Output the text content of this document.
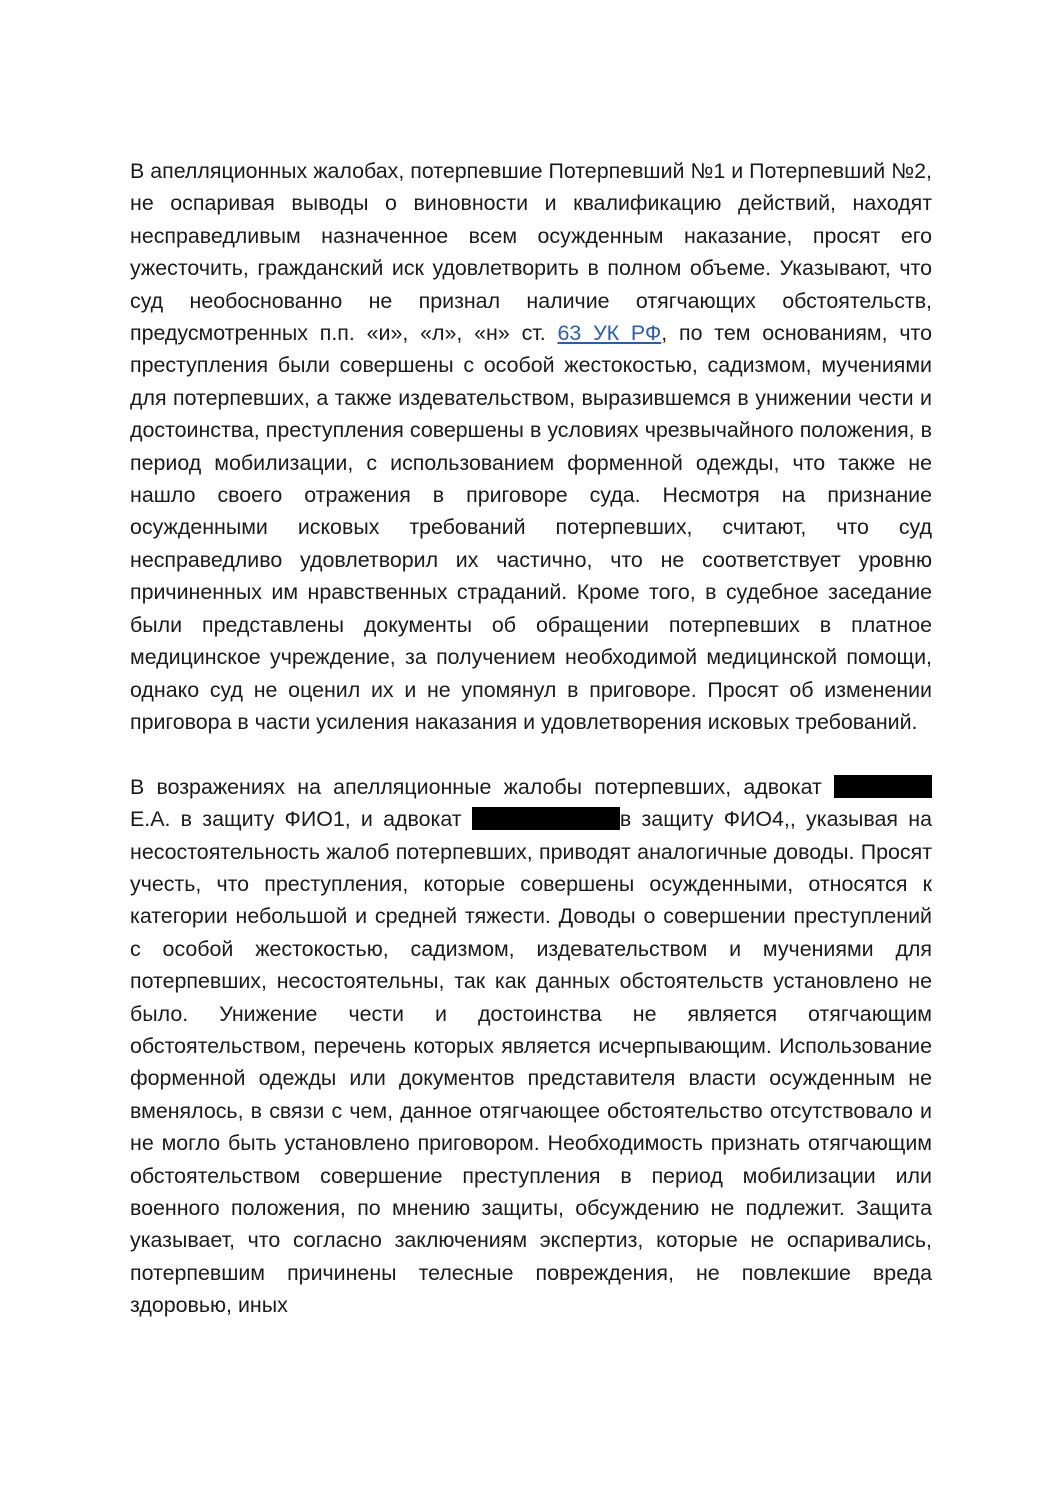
В апелляционных жалобах, потерпевшие Потерпевший №1 и Потерпевший №2, не оспаривая выводы о виновности и квалификацию действий, находят несправедливым назначенное всем осужденным наказание, просят его ужесточить, гражданский иск удовлетворить в полном объеме. Указывают, что суд необоснованно не признал наличие отягчающих обстоятельств, предусмотренных п.п. «и», «л», «н» ст. 63 УК РФ, по тем основаниям, что преступления были совершены с особой жестокостью, садизмом, мучениями для потерпевших, а также издевательством, выразившемся в унижении чести и достоинства, преступления совершены в условиях чрезвычайного положения, в период мобилизации, с использованием форменной одежды, что также не нашло своего отражения в приговоре суда. Несмотря на признание осужденными исковых требований потерпевших, считают, что суд несправедливо удовлетворил их частично, что не соответствует уровню причиненных им нравственных страданий. Кроме того, в судебное заседание были представлены документы об обращении потерпевших в платное медицинское учреждение, за получением необходимой медицинской помощи, однако суд не оценил их и не упомянул в приговоре. Просят об изменении приговора в части усиления наказания и удовлетворения исковых требований.

В возражениях на апелляционные жалобы потерпевших, адвокат  Е.А. в защиту ФИО1, и адвокат	в защиту ФИО4,, указывая на несостоятельность жалоб потерпевших, приводят аналогичные доводы. Просят учесть, что преступления, которые совершены осужденными, относятся к категории небольшой и средней тяжести. Доводы о совершении преступлений с особой жестокостью, садизмом, издевательством и мучениями для потерпевших, несостоятельны, так как данных обстоятельств установлено не было. Унижение чести и достоинства не является отягчающим обстоятельством, перечень которых является исчерпывающим. Использование форменной одежды или документов представителя власти осужденным не вменялось, в связи с чем, данное отягчающее обстоятельство отсутствовало и не могло быть установлено приговором. Необходимость признать отягчающим обстоятельством совершение преступления в период мобилизации или военного положения, по мнению защиты, обсуждению не подлежит. Защита указывает, что согласно заключениям экспертиз, которые не оспаривались, потерпевшим причинены телесные повреждения, не повлекшие вреда здоровью, иных
